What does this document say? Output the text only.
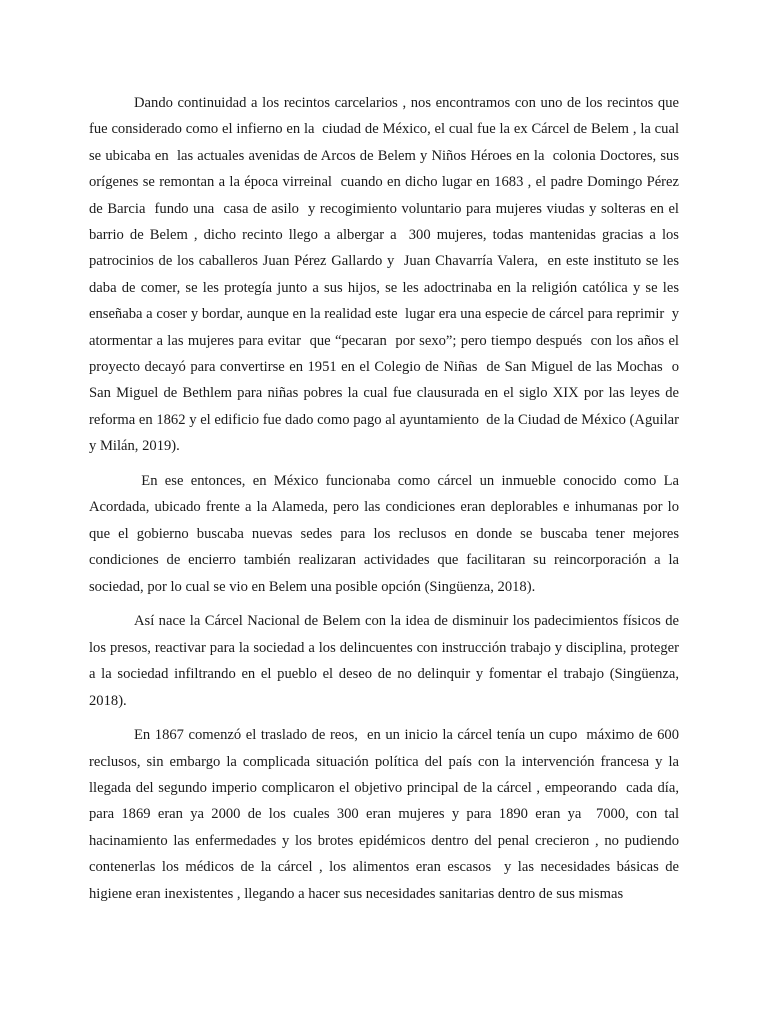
Dando continuidad a los recintos carcelarios , nos encontramos con uno de los recintos que fue considerado como el infierno en la  ciudad de México, el cual fue la ex Cárcel de Belem , la cual se ubicaba en  las actuales avenidas de Arcos de Belem y Niños Héroes en la  colonia Doctores, sus orígenes se remontan a la época virreinal  cuando en dicho lugar en 1683 , el padre Domingo Pérez de Barcia  fundo una  casa de asilo  y recogimiento voluntario para mujeres viudas y solteras en el barrio de Belem , dicho recinto llego a albergar a  300 mujeres, todas mantenidas gracias a los patrocinios de los caballeros Juan Pérez Gallardo y  Juan Chavarría Valera,  en este instituto se les daba de comer, se les protegía junto a sus hijos, se les adoctrinaba en la religión católica y se les enseñaba a coser y bordar, aunque en la realidad este  lugar era una especie de cárcel para reprimir  y atormentar a las mujeres para evitar  que “pecaran  por sexo”; pero tiempo después  con los años el proyecto decayó para convertirse en 1951 en el Colegio de Niñas  de San Miguel de las Mochas  o San Miguel de Bethlem para niñas pobres la cual fue clausurada en el siglo XIX por las leyes de reforma en 1862 y el edificio fue dado como pago al ayuntamiento  de la Ciudad de México (Aguilar y Milán, 2019).

En ese entonces, en México funcionaba como cárcel un inmueble conocido como La Acordada, ubicado frente a la Alameda, pero las condiciones eran deplorables e inhumanas por lo que el gobierno buscaba nuevas sedes para los reclusos en donde se buscaba tener mejores condiciones de encierro también realizaran actividades que facilitaran su reincorporación a la sociedad, por lo cual se vio en Belem una posible opción (Singüenza, 2018).

Así nace la Cárcel Nacional de Belem con la idea de disminuir los padecimientos físicos de los presos, reactivar para la sociedad a los delincuentes con instrucción trabajo y disciplina, proteger a la sociedad infiltrando en el pueblo el deseo de no delinquir y fomentar el trabajo (Singüenza, 2018).

En 1867 comenzó el traslado de reos,  en un inicio la cárcel tenía un cupo  máximo de 600 reclusos, sin embargo la complicada situación política del país con la intervención francesa y la llegada del segundo imperio complicaron el objetivo principal de la cárcel , empeorando  cada día,  para 1869 eran ya 2000 de los cuales 300 eran mujeres y para 1890 eran ya  7000, con tal hacinamiento las enfermedades y los brotes epidémicos dentro del penal crecieron , no pudiendo contenerlas los médicos de la cárcel , los alimentos eran escasos  y las necesidades básicas de higiene eran inexistentes , llegando a hacer sus necesidades sanitarias dentro de sus mismas
